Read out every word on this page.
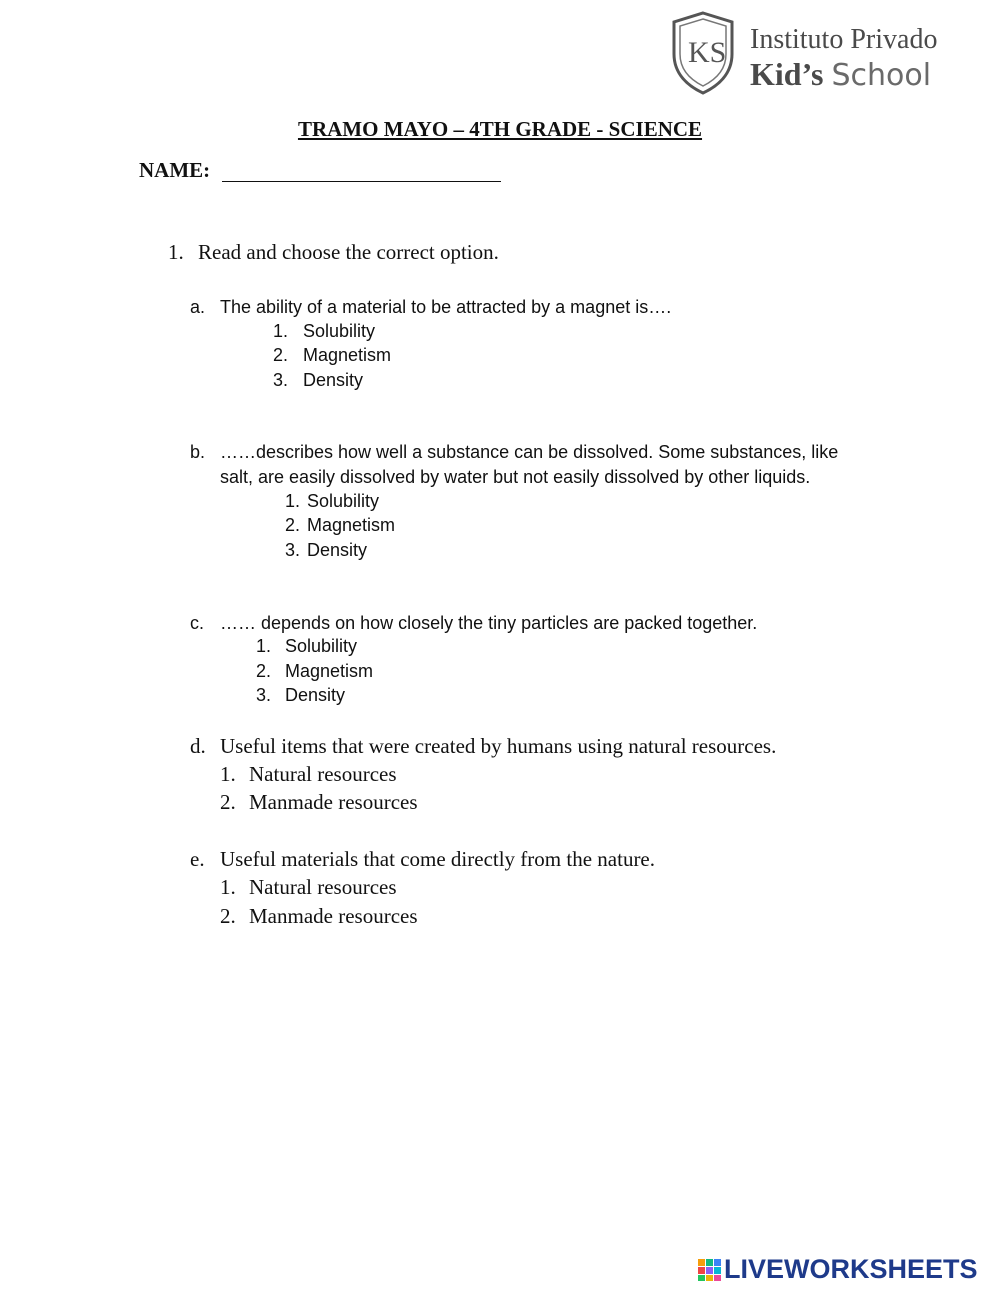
KS Instituto Privado
Kid’s School
TRAMO MAYO – 4TH GRADE - SCIENCE
NAME:
1. Read and choose the correct option.
a. The ability of a material to be attracted by a magnet is….
1. Solubility
2. Magnetism
3. Density
b. ……describes how well a substance can be dissolved. Some substances, like
salt, are easily dissolved by water but not easily dissolved by other liquids.
1. Solubility
2. Magnetism
3. Density
c. …… depends on how closely the tiny particles are packed together.
1. Solubility
2. Magnetism
3. Density
d. Useful items that were created by humans using natural resources.
1. Natural resources
2. Manmade resources
e. Useful materials that come directly from the nature.
1. Natural resources
2. Manmade resources
LIVEWORKSHEETS
